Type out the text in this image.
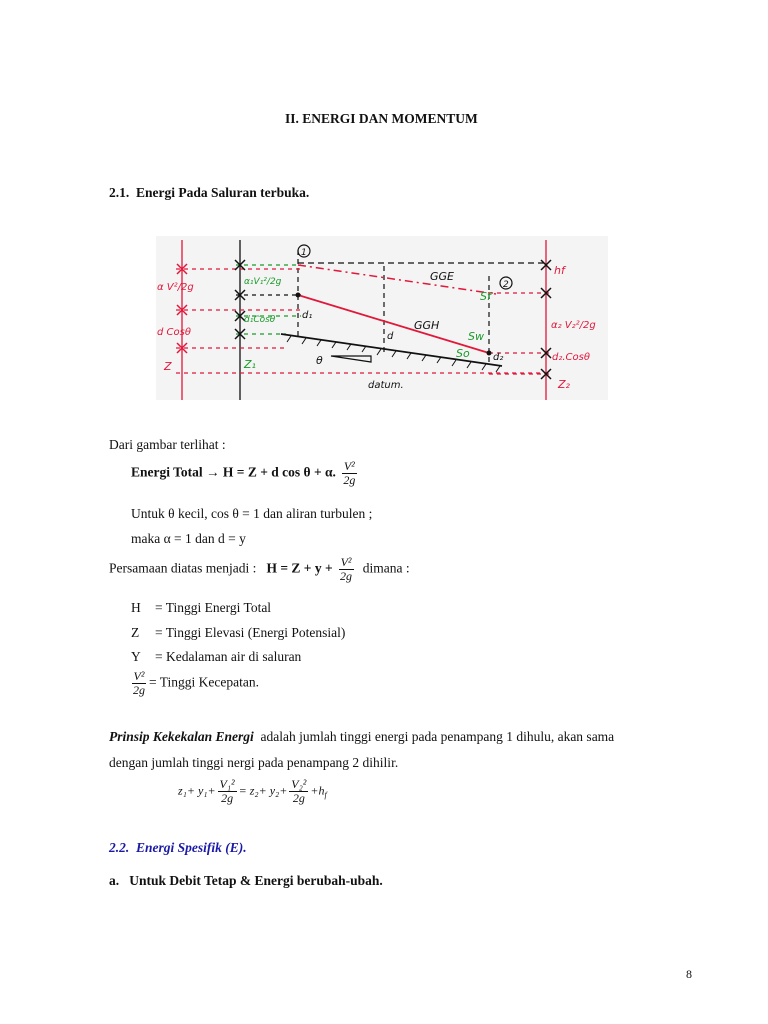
II. ENERGI DAN MOMENTUM
2.1. Energi Pada Saluran terbuka.
1
2
GGE
GGH
Sf
Sw
So
α V²/2g
d Cosθ
Z
α₁V₁²/2g
d₁Cosθ
Z₁
d₁
d
d₂
θ
datum.
hf
α₂ V₂²/2g
d₂.Cosθ
Z₂
Dari gambar terlihat :
Energi Total → H = Z + d cos θ + α. $\frac{\text{V²}}{2g}$
Untuk θ kecil, cos θ = 1 dan aliran turbulen ;
maka α = 1 dan d = y
Persamaan diatas menjadi : $H = Z + y + \frac{\text{V²}}{2g}$ dimana :
H = Tinggi Energi Total
Z = Tinggi Elevasi (Energi Potensial)
Y = Kedalaman air di saluran
$\frac{\text{V²}}{2g}$ = Tinggi Kecepatan.
Prinsip Kekekalan Energi adalah jumlah tinggi energi pada penampang 1 dihulu, akan sama
dengan jumlah tinggi nergi pada penampang 2 dihilir.
$z_1+ y_1+ \frac{\text{V₁²}}{2g} = z_2+ y_2+ \frac{\text{V₂²}}{2g} +h_f$
2.2. Energi Spesifik (E).
a. Untuk Debit Tetap & Energi berubah-ubah.
8
